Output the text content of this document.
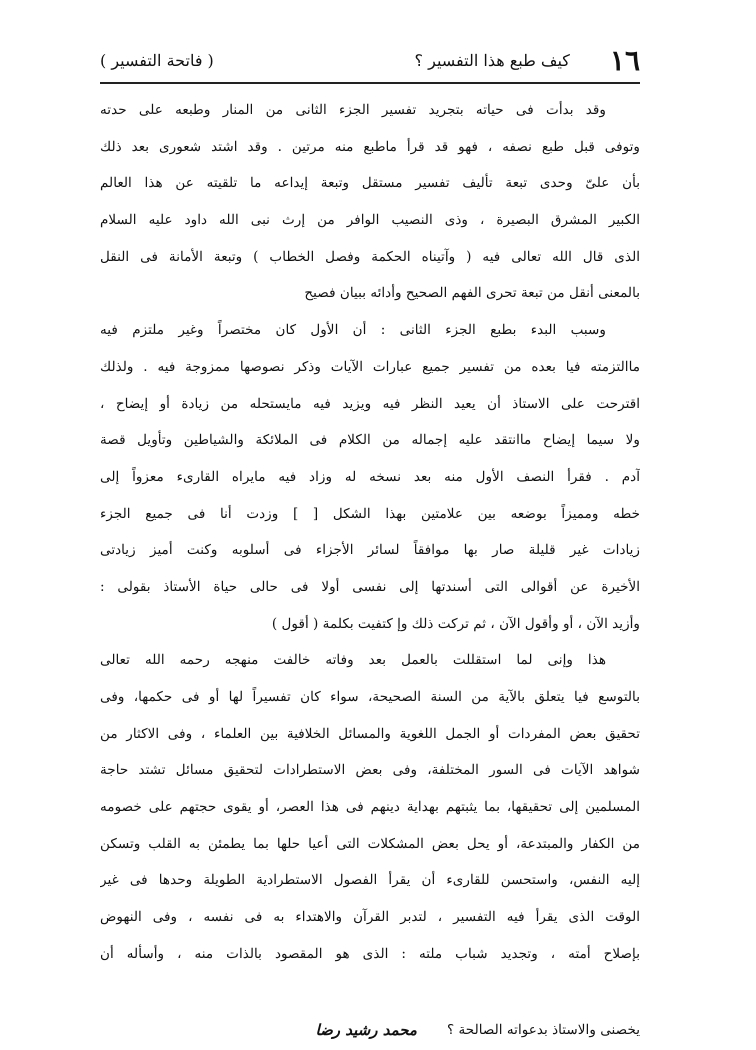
١٦
كيف طبع هذا التفسير ؟
( فاتحة التفسير )
وقد بدأت فى حياته بتجريد تفسير الجزء الثانى من المنار وطبعه على حدته
وتوفى قبل طبع نصفه ، فهو قد قرأ ماطبع منه مرتين . وقد اشتد شعورى بعد ذلك
بأن علىّ وحدى تبعة تأليف تفسير مستقل وتبعة إيداعه ما تلقيته عن هذا العالم
الكبير المشرق البصيرة ، وذى النصيب الوافر من إرث نبى الله داود عليه السلام
الذى قال الله تعالى فيه ( وآتيناه الحكمة وفصل الخطاب ) وتبعة الأمانة فى النقل
بالمعنى أنقل من تبعة تحرى الفهم الصحيح وأدائه ببيان فصيح
وسبب البدء بطبع الجزء الثانى : أن الأول كان مختصراً وغير ملتزم فيه
ماالتزمته فيا بعده من تفسير جميع عبارات الآيات وذكر نصوصها ممزوجة فيه . ولذلك
اقترحت على الاستاذ أن يعيد النظر فيه ويزيد فيه مايستحله من زيادة أو إيضاح ،
ولا سيما إيضاح ماانتقد عليه إجماله من الكلام فى الملائكة والشياطين وتأويل قصة
آدم . فقرأ النصف الأول منه بعد نسخه له وزاد فيه مايراه القارىء معزواً إلى
خطه ومميزاً بوضعه بين علامتين بهذا الشكل [ ] وزدت أنا فى جميع الجزء
زيادات غير قليلة صار بها موافقاً لسائر الأجزاء فى أسلوبه وكنت أميز زيادتى
الأخيرة عن أقوالى التى أسندتها إلى نفسى أولا فى حالى حياة الأستاذ بقولى :
وأزيد الآن ، أو وأقول الآن ، ثم تركت ذلك وإ كتفيت بكلمة ( أقول )
هذا وإنى لما استقللت بالعمل بعد وفاته خالفت منهجه رحمه الله تعالى
بالتوسع فيا يتعلق بالآية من السنة الصحيحة، سواء كان تفسيراً لها أو فى حكمها، وفى
تحقيق بعض المفردات أو الجمل اللغوية والمسائل الخلافية بين العلماء ، وفى الاكثار من
شواهد الآيات فى السور المختلفة، وفى بعض الاستطرادات لتحقيق مسائل تشتد حاجة
المسلمين إلى تحقيقها، بما يثبتهم بهداية دينهم فى هذا العصر، أو يقوى حجتهم على خصومه
من الكفار والمبتدعة، أو يحل بعض المشكلات التى أعيا حلها بما يطمئن به القلب وتسكن
إليه النفس، واستحسن للقارىء أن يقرأ الفصول الاستطرادية الطويلة وحدها فى غير
الوقت الذى يقرأ فيه التفسير ، لتدبر القرآن والاهتداء به فى نفسه ، وفى النهوض
بإصلاح أمته ، وتجديد شباب ملته : الذى هو المقصود بالذات منه ، وأسأله أن
يخصنى والاستاذ بدعواته الصالحة ؟
محمد رشيد رضا
